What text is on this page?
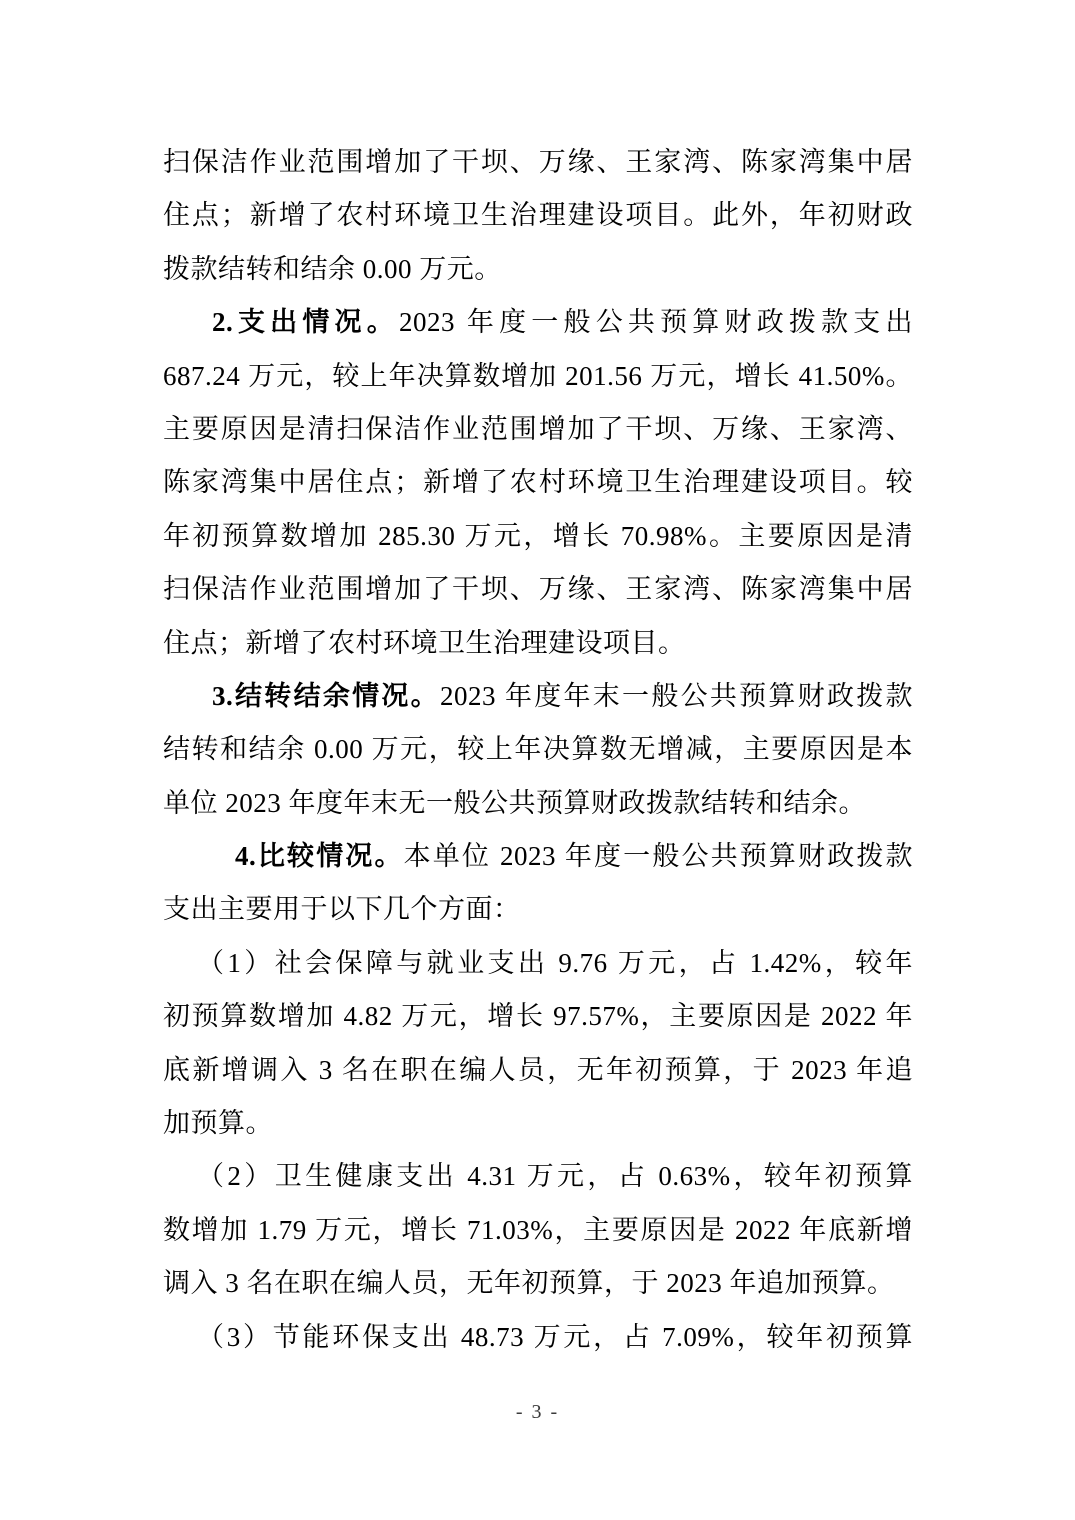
扫保洁作业范围增加了干坝、万缘、王家湾、陈家湾集中居
住点；新增了农村环境卫生治理建设项目。此外，年初财政
拨款结转和结余 0.00 万元。
2.支出情况。2023 年度一般公共预算财政拨款支出
687.24 万元，较上年决算数增加 201.56 万元，增长 41.50%。
主要原因是清扫保洁作业范围增加了干坝、万缘、王家湾、
陈家湾集中居住点；新增了农村环境卫生治理建设项目。较
年初预算数增加 285.30 万元，增长 70.98%。主要原因是清
扫保洁作业范围增加了干坝、万缘、王家湾、陈家湾集中居
住点；新增了农村环境卫生治理建设项目。
3.结转结余情况。2023 年度年末一般公共预算财政拨款
结转和结余 0.00 万元，较上年决算数无增减，主要原因是本
单位 2023 年度年末无一般公共预算财政拨款结转和结余。
4.比较情况。本单位 2023 年度一般公共预算财政拨款
支出主要用于以下几个方面：
（1）社会保障与就业支出 9.76 万元，占 1.42%，较年
初预算数增加 4.82 万元，增长 97.57%，主要原因是 2022 年
底新增调入 3 名在职在编人员，无年初预算，于 2023 年追
加预算。
（2）卫生健康支出 4.31 万元，占 0.63%，较年初预算
数增加 1.79 万元，增长 71.03%，主要原因是 2022 年底新增
调入 3 名在职在编人员，无年初预算，于 2023 年追加预算。
（3）节能环保支出 48.73 万元，占 7.09%，较年初预算
- 3 -
